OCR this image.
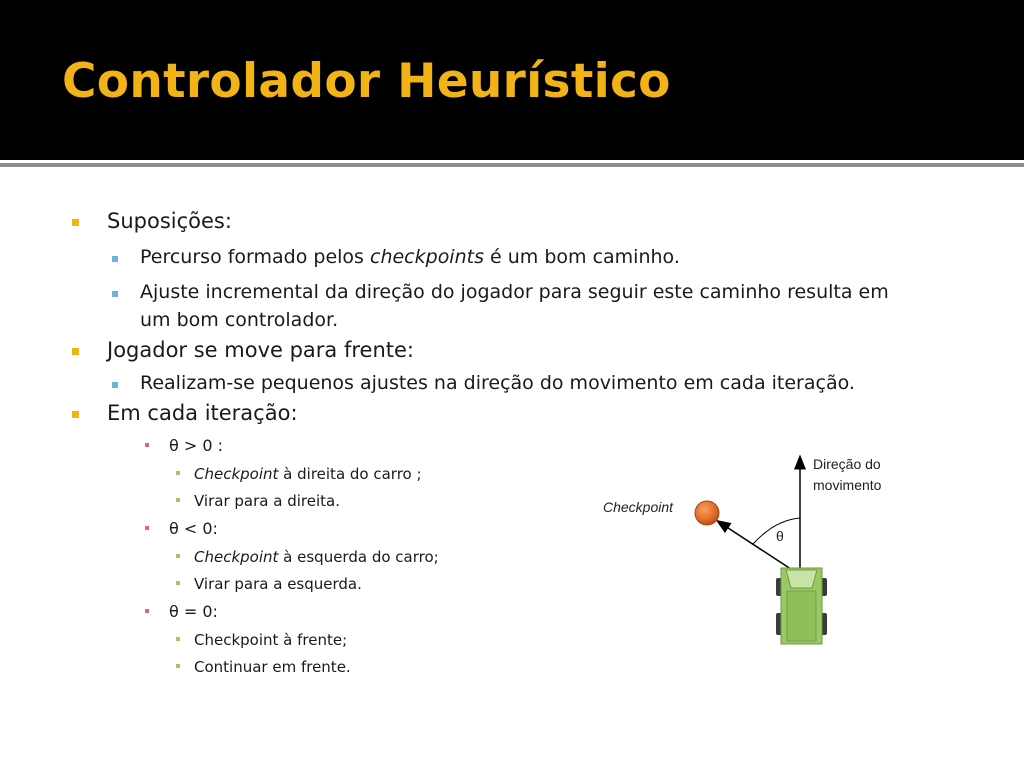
Controlador Heurístico
Suposições:
Percurso formado pelos checkpoints é um bom caminho.
Ajuste incremental da direção do jogador para seguir este caminho resulta em
um bom controlador.
Jogador se move para frente:
Realizam-se pequenos ajustes na direção do movimento em cada iteração.
Em cada iteração:
θ > 0 :
Checkpoint à direita do carro ;
Virar para a direita.
θ < 0:
Checkpoint à esquerda do carro;
Virar para a esquerda.
θ = 0:
Checkpoint à frente;
Continuar em frente.
Direção do
movimento
Checkpoint
θ
